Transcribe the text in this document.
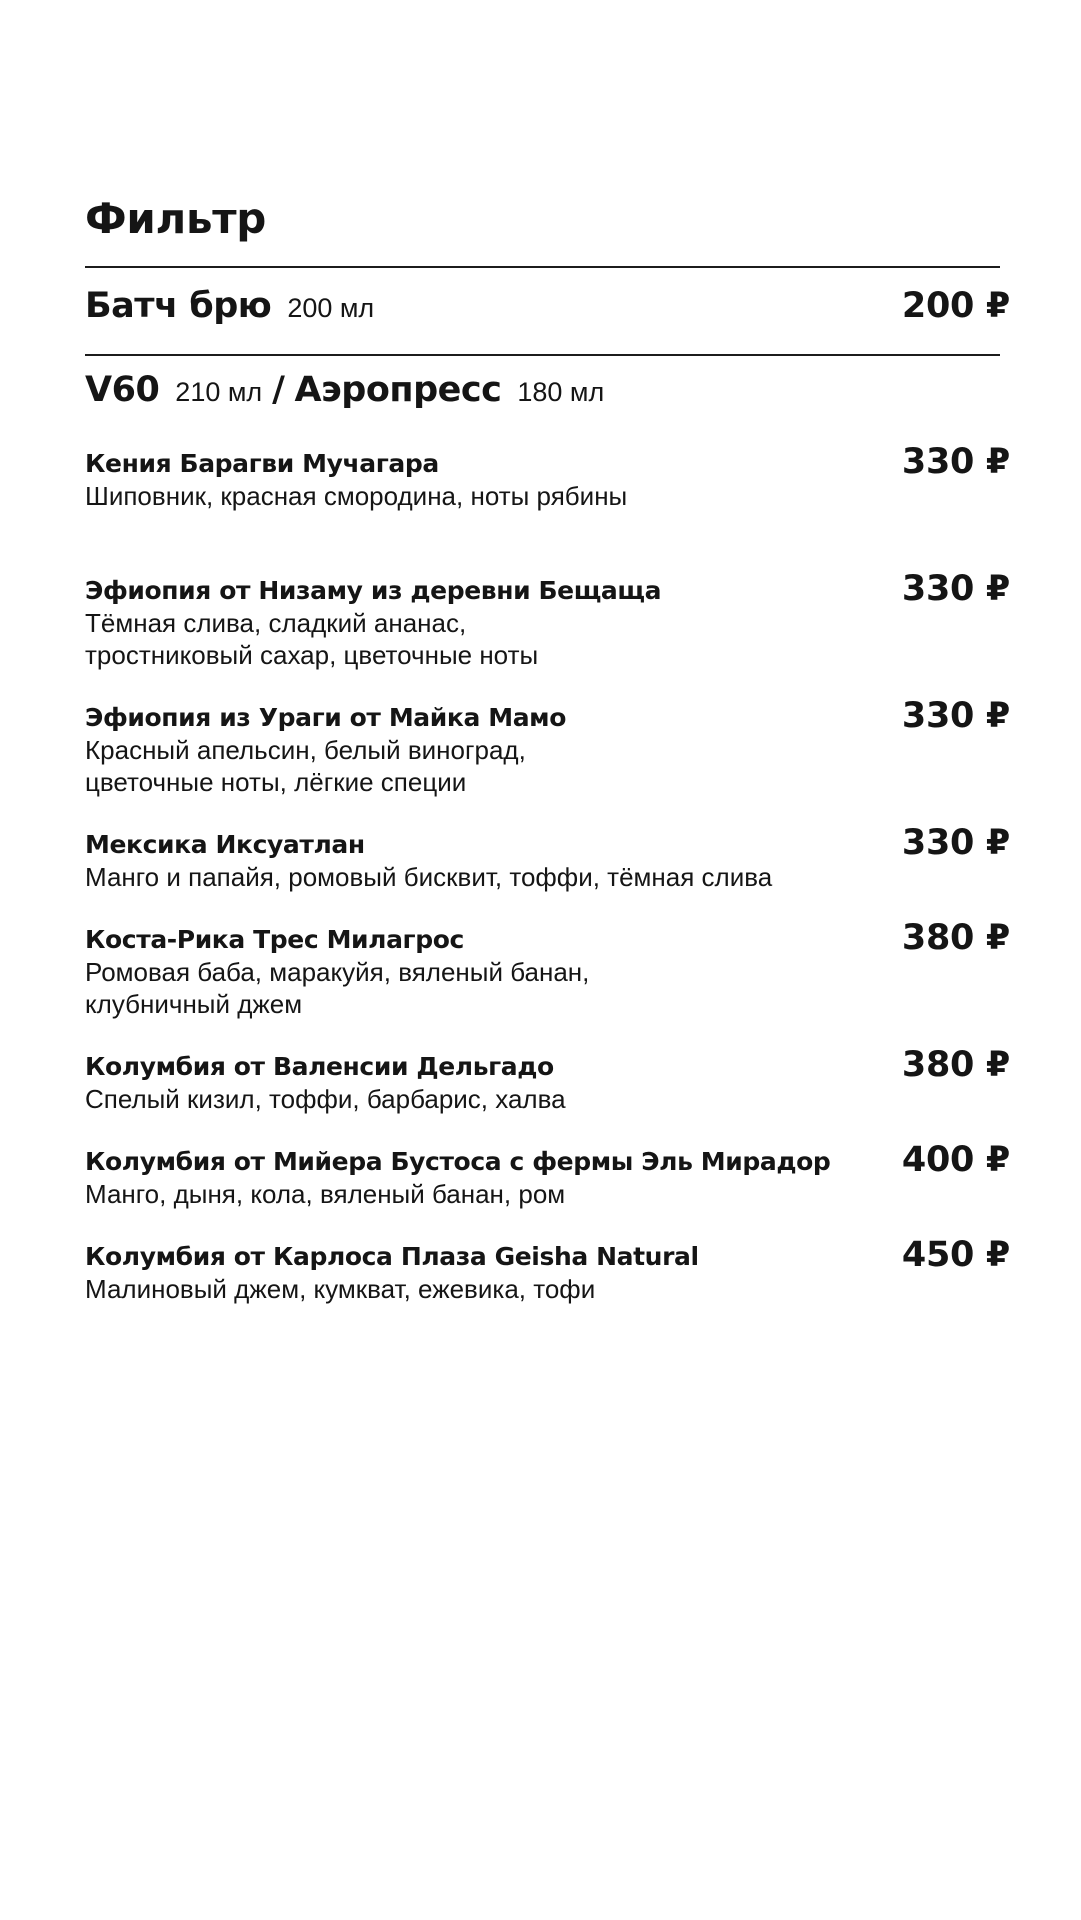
Фильтр
Батч брю 200 мл	200 ₽
V60 210 мл / Аэропресс 180 мл
Кения Барагви Мучагара
Шиповник, красная смородина, ноты рябины
330 ₽
Эфиопия от Низаму из деревни Бещаща
Тёмная слива, сладкий ананас,
тростниковый сахар, цветочные ноты
330 ₽
Эфиопия из Ураги от Майка Мамо
Красный апельсин, белый виноград,
цветочные ноты, лёгкие специи
330 ₽
Мексика Иксуатлан
Манго и папайя, ромовый бисквит, тоффи, тёмная слива
330 ₽
Коста-Рика Трес Милагрос
Ромовая баба, маракуйя, вяленый банан,
клубничный джем
380 ₽
Колумбия от Валенсии Дельгадо
Спелый кизил, тоффи, барбарис, халва
380 ₽
Колумбия от Мийера Бустоса с фермы Эль Мирадор
Манго, дыня, кола, вяленый банан, ром
400 ₽
Колумбия от Карлоса Плаза Geisha Natural
Малиновый джем, кумкват, ежевика, тофи
450 ₽
